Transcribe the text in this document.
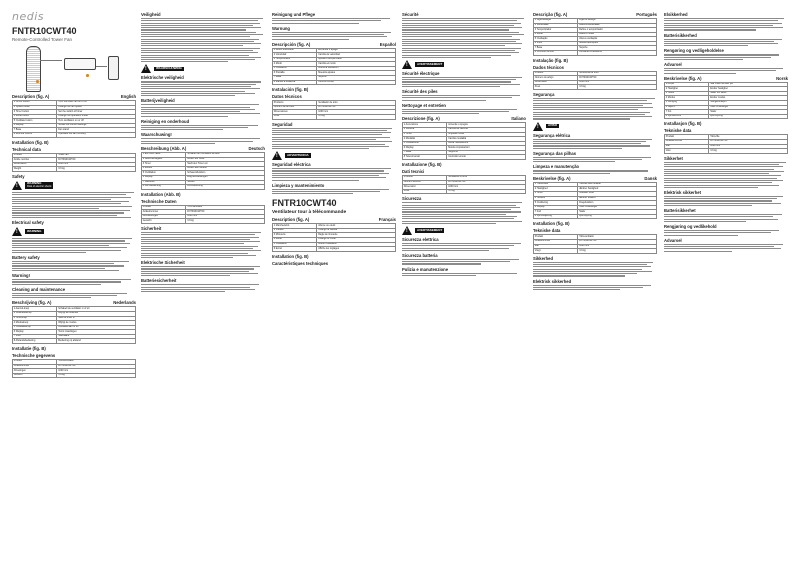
nedis
FNTR10CWT40
Remote-Controlled Tower Fan
Description (fig. A)	English
1 On/off button	Turn the tower fan on or off
2 Speed button	Change the fan speed
3 Timer button	Set the switch-off timer
4 Mode button	Change the operation mode
5 Oscillate button	Turn oscillation on or off
6 Display	Shows the current settings
7 Base	Fan stand
8 Remote control	Operates the fan remotely
Installation (fig. B)
Technical data
Product	Tower fan
Article number	FNTR10CWT40
Dimensions	1000 mm
Weight	3.9 kg
Safety
!	WARNING
Risk of electric shock
Electrical safety
!	WARNING
Battery safety
Warning!
Cleaning and maintenance
Beschrijving (fig. A)	Nederlands
1 Aan/uit-knop	Schakelt de ventilator in of uit
2 Snelheidsknop	Wijzigt de snelheid
3 Timerknop	Stelt de timer in
4 Modusknop	Wijzigt de modus
5 Oscillatieknop	Oscillatie aan of uit
6 Display	Toont instellingen
7 Voet	Standaard
8 Afstandsbediening	Bediening op afstand
Installatie (fig. B)
Technische gegevens
Product	Torenventilator
Artikelnummer	FNTR10CWT40
Afmetingen	1000 mm
Gewicht	3.9 kg
Veiligheid
!	WAARSCHUWING
Elektrische veiligheid
Batterijveiligheid
Reiniging en onderhoud
Waarschuwing!
Beschreibung (Abb. A)	Deutsch
1 Ein-/Aus-Taste	Schaltet den Ventilator ein/aus
2 Geschwindigkeit	Ändert die Stufe
3 Timer	Stellt den Timer ein
4 Modus	Ändert den Modus
5 Oszillation	Schwenkfunktion
6 Display	Zeigt Einstellungen
7 Standfuß	Sockel
8 Fernbedienung	Fernsteuerung
Installation (Abb. B)
Technische Daten
Produkt	Turmventilator
Artikelnummer	FNTR10CWT40
Abmessungen	1000 mm
Gewicht	3.9 kg
Sicherheit
Elektrische Sicherheit
Batteriesicherheit
Reinigung und Pflege
Warnung
Descripción (fig. A)	Español
1 Botón encendido	Enciende o apaga
2 Velocidad	Cambia la velocidad
3 Temporizador	Ajusta el temporizador
4 Modo	Cambia el modo
5 Oscilación	Activa la oscilación
6 Pantalla	Muestra ajustes
7 Base	Soporte
8 Mando a distancia	Control remoto
Instalación (fig. B)
Datos técnicos
Producto	Ventilador de torre
Número de artículo	FNTR10CWT40
Dimensiones	1000 mm
Peso	3.9 kg
Seguridad
!	ADVERTENCIA
Seguridad eléctrica
Limpieza y mantenimiento
FNTR10CWT40
Ventilateur tour à télécommande
Description (fig. A)	Français
1 Marche/arrêt	Allume ou éteint
2 Vitesse	Change la vitesse
3 Minuterie	Règle la minuterie
4 Mode	Change le mode
5 Oscillation	Active l'oscillation
6 Écran	Affiche les réglages
Installation (fig. B)
Caractéristiques techniques
Sécurité
!	AVERTISSEMENT
Sécurité électrique
Sécurité des piles
Nettoyage et entretien
Descrizione (fig. A)	Italiano
1 Accensione	Accende o spegne
2 Velocità	Cambia la velocità
3 Timer	Imposta il timer
4 Modalità	Cambia modalità
5 Oscillazione	Attiva l'oscillazione
6 Display	Mostra impostazioni
7 Base	Supporto
8 Telecomando	Controllo remoto
Installazione (fig. B)
Dati tecnici
Prodotto	Ventilatore a torre
Numero articolo	FNTR10CWT40
Dimensioni	1000 mm
Peso	3.9 kg
Sicurezza
!	AVERTISSEMENT
Sicurezza elettrica
Sicurezza batteria
Pulizia e manutenzione
Descrição (fig. A)	Português
1 Ligar/desligar	Liga ou desliga
2 Velocidade	Altera a velocidade
3 Temporizador	Define o temporizador
4 Modo	Altera o modo
5 Oscilação	Ativa a oscilação
6 Visor	Mostra definições
7 Base	Suporte
8 Controlo remoto	Comando à distância
Instalação (fig. B)
Dados técnicos
Produto	Ventoinha de torre
Número do artigo	FNTR10CWT40
Dimensões	1000 mm
Peso	3.9 kg
Segurança
!	AVISO
Segurança elétrica
Segurança das pilhas
Limpeza e manutenção
Beskrivelse (fig. A)	Dansk
1 Tænd/sluk	Tænder eller slukker
2 Hastighed	Ændrer hastighed
3 Timer	Indstiller timer
4 Tilstand	Ændrer tilstand
5 Oscillering	Drejefunktion
6 Display	Viser indstillinger
7 Fod	Stativ
8 Fjernbetjening	Fjernstyring
Installation (fig. B)
Tekniske data
Produkt	Tårnventilator
Artikelnummer	FNTR10CWT40
Mål	1000 mm
Vægt	3.9 kg
Sikkerhed
Elektrisk sikkerhed
Elsikkerhed
Batterisikkerhed
Rengøring og vedligeholdelse
Advarsel
Beskrivelse (fig. A)	Norsk
1 Av/på	Slår viften av eller på
2 Hastighet	Endrer hastighet
3 Tidsur	Stiller inn tidsur
4 Modus	Endrer modus
5 Svinging	Svingefunksjon
6 Skjerm	Viser innstillinger
7 Fot	Stativ
8 Fjernkontroll	Fjernstyring
Installasjon (fig. B)
Tekniske data
Produkt	Tårnvifte
Artikkelnummer	FNTR10CWT40
Mål	1000 mm
Vekt	3.9 kg
Sikkerhet
Elektrisk sikkerhet
Batterisikkerhet
Rengjøring og vedlikehold
Advarsel
